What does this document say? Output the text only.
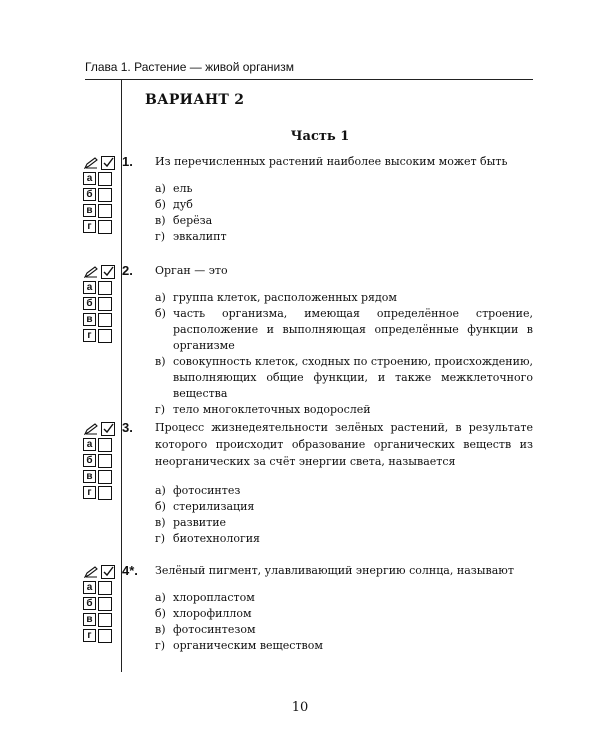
Глава 1. Растение — живой организм
ВАРИАНТ 2
Часть 1
а
б
в
г
1. Из перечисленных растений наиболее высоким может быть
а) ель
б) дуб
в) берёза
г) эвкалипт
а
б
в
г
2. Орган — это
а) группа клеток, расположенных рядом
б) часть организма, имеющая определённое строение, расположение и выполняющая определённые функции в организме
в) совокупность клеток, сходных по строению, происхождению, выполняющих общие функции, и также межклеточного вещества
г) тело многоклеточных водорослей
а
б
в
г
3. Процесс жизнедеятельности зелёных растений, в результате которого происходит образование органических веществ из неорганических за счёт энергии света, называется
а) фотосинтез
б) стерилизация
в) развитие
г) биотехнология
а
б
в
г
4*. Зелёный пигмент, улавливающий энергию солнца, называют
а) хлоропластом
б) хлорофиллом
в) фотосинтезом
г) органическим веществом
10
